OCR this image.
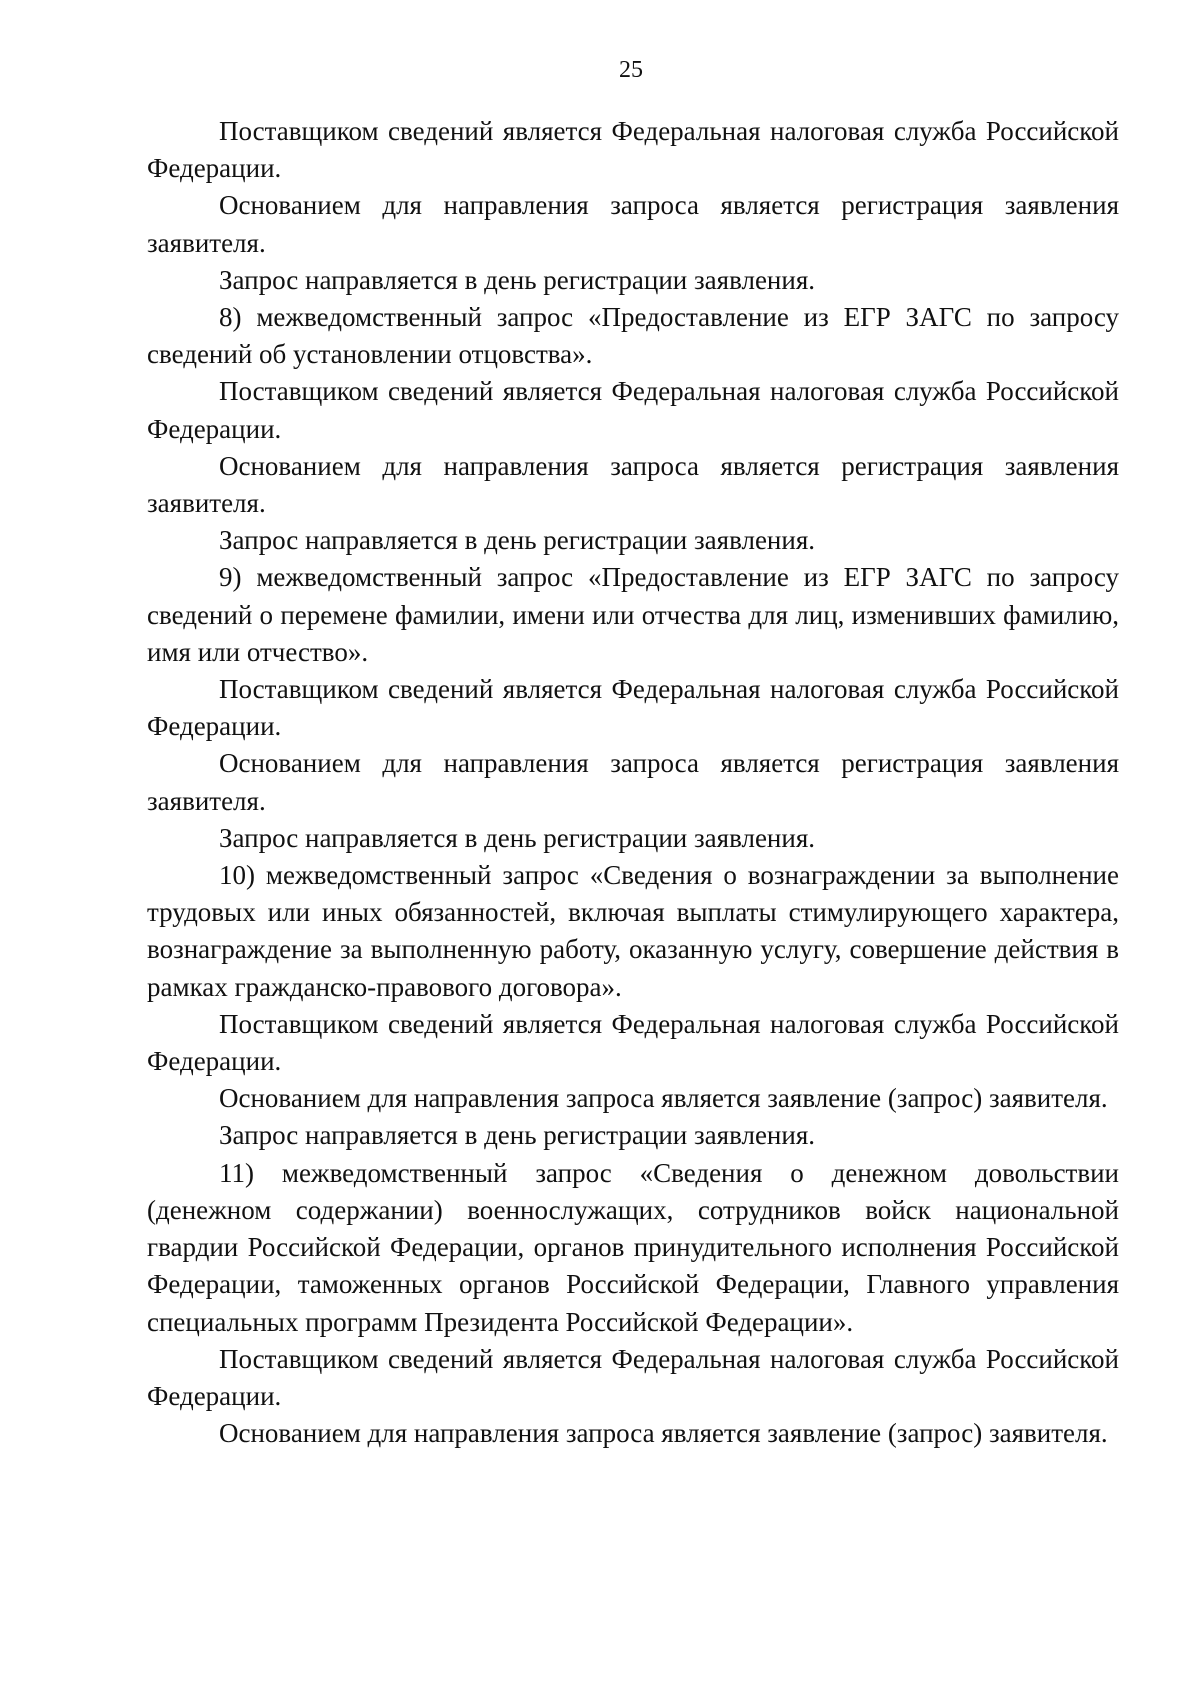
25

Поставщиком сведений является Федеральная налоговая служба Российской Федерации.

Основанием для направления запроса является регистрация заявления заявителя.

Запрос направляется в день регистрации заявления.

8) межведомственный запрос «Предоставление из ЕГР ЗАГС по запросу сведений об установлении отцовства».

Поставщиком сведений является Федеральная налоговая служба Российской Федерации.

Основанием для направления запроса является регистрация заявления заявителя.

Запрос направляется в день регистрации заявления.

9) межведомственный запрос «Предоставление из ЕГР ЗАГС по запросу сведений о перемене фамилии, имени или отчества для лиц, изменивших фамилию, имя или отчество».

Поставщиком сведений является Федеральная налоговая служба Российской Федерации.

Основанием для направления запроса является регистрация заявления заявителя.

Запрос направляется в день регистрации заявления.

10) межведомственный запрос «Сведения о вознаграждении за выполнение трудовых или иных обязанностей, включая выплаты стимулирующего характера, вознаграждение за выполненную работу, оказанную услугу, совершение действия в рамках гражданско-правового договора».

Поставщиком сведений является Федеральная налоговая служба Российской Федерации.

Основанием для направления запроса является заявление (запрос) заявителя.

Запрос направляется в день регистрации заявления.

11) межведомственный запрос «Сведения о денежном довольствии (денежном содержании) военнослужащих, сотрудников войск национальной гвардии Российской Федерации, органов принудительного исполнения Российской Федерации, таможенных органов Российской Федерации, Главного управления специальных программ Президента Российской Федерации».

Поставщиком сведений является Федеральная налоговая служба Российской Федерации.

Основанием для направления запроса является заявление (запрос) заявителя.
